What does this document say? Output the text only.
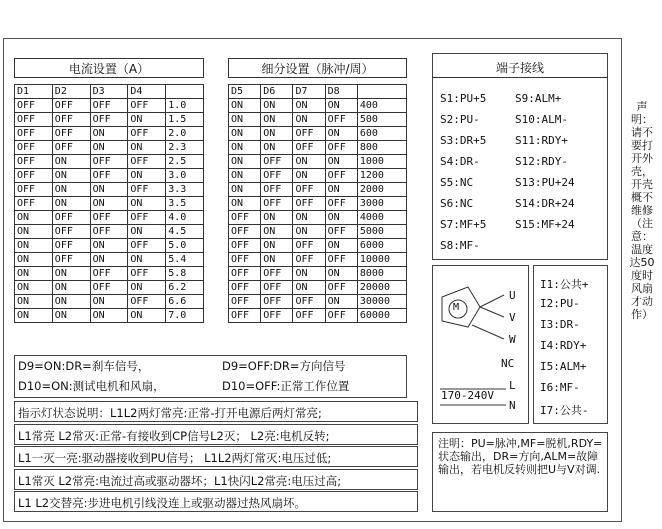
电流设置（A）
D1	D2	D3	D4	
OFF	OFF	OFF	OFF	1.0
OFF	OFF	OFF	ON	1.5
OFF	OFF	ON	OFF	2.0
OFF	OFF	ON	ON	2.3
OFF	ON	OFF	OFF	2.5
OFF	ON	OFF	ON	3.0
OFF	ON	ON	OFF	3.3
OFF	ON	ON	ON	3.5
ON	OFF	OFF	OFF	4.0
ON	OFF	OFF	ON	4.5
ON	OFF	ON	OFF	5.0
ON	OFF	ON	ON	5.4
ON	ON	OFF	OFF	5.8
ON	ON	OFF	ON	6.2
ON	ON	ON	OFF	6.6
ON	ON	ON	ON	7.0
细分设置（脉冲/周）
D5	D6	D7	D8	
ON	ON	ON	ON	400
ON	ON	ON	OFF	500
ON	ON	OFF	ON	600
ON	ON	OFF	OFF	800
ON	OFF	ON	ON	1000
ON	OFF	ON	OFF	1200
ON	OFF	OFF	ON	2000
ON	OFF	OFF	OFF	3000
OFF	ON	ON	ON	4000
OFF	ON	ON	OFF	5000
OFF	ON	OFF	ON	6000
OFF	ON	OFF	OFF	10000
OFF	OFF	ON	ON	8000
OFF	OFF	ON	OFF	20000
OFF	OFF	OFF	ON	30000
OFF	OFF	OFF	OFF	60000
端子接线
S1:PU+5
S2:PU-
S3:DR+5
S4:DR-
S5:NC
S6:NC
S7:MF+5
S8:MF-
S9:ALM+
S10:ALM-
S11:RDY+
S12:RDY-
S13:PU+24
S14:DR+24
S15:MF+24
M
U
V
W
NC
L
N
170-240V
I1:公共+
I2:PU-
I3:DR-
I4:RDY+
I5:ALM+
I6:MF-
I7:公共-
D9=ON:DR=刹车信号，	D9=OFF:DR=方向信号
D10=ON:测试电机和风扇，	D10=OFF:正常工作位置
指示灯状态说明：L1L2两灯常亮:正常-打开电源后两灯常亮;
L1常亮 L2常灭:正常-有接收到CP信号L2灭； L2亮:电机反转;
L1一灭一亮:驱动器接收到PU信号； L1L2两灯常灭:电压过低;
L1常灭 L2常亮:电流过高或驱动器坏；L1快闪L2常亮:电压过高;
L1 L2交替亮:步进电机引线没连上或驱动器过热风扇坏。
注明：PU=脉冲,MF=脱机,RDY=状态输出，DR=方向,ALM=故障输出，若电机反转则把U与V对调.
声明：请不要打开外壳，开壳概不维修（注意：温度达50度时风扇才动作）
